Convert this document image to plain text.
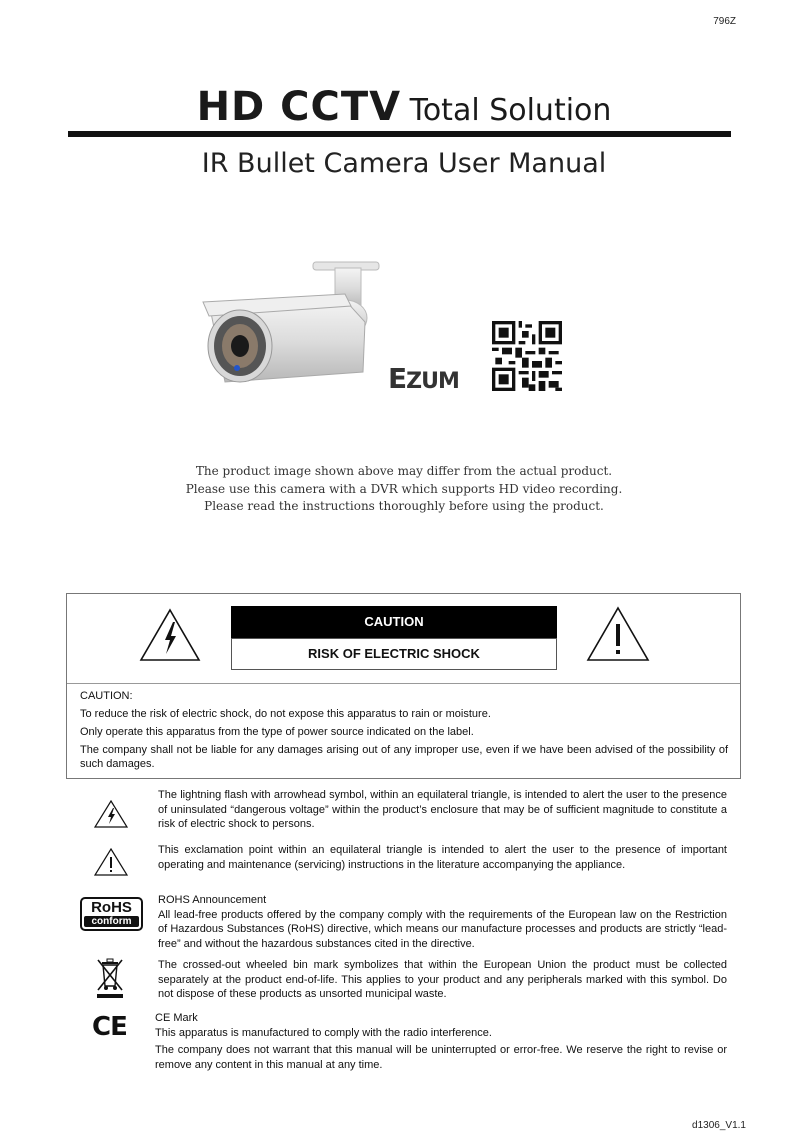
796Z
HD CCTV Total Solution
IR Bullet Camera User Manual
EZUM
The product image shown above may differ from the actual product.
Please use this camera with a DVR which supports HD video recording.
Please read the instructions thoroughly before using the product.
CAUTION
RISK OF ELECTRIC SHOCK

CAUTION:

To reduce the risk of electric shock, do not expose this apparatus to rain or moisture.

Only operate this apparatus from the type of power source indicated on the label.

The company shall not be liable for any damages arising out of any improper use, even if we have been advised of the possibility of such damages.

The lightning flash with arrowhead symbol, within an equilateral triangle, is intended to alert the user to the presence of uninsulated “dangerous voltage” within the product’s enclosure that may be of sufficient magnitude to constitute a risk of electric shock to persons.

This exclamation point within an equilateral triangle is intended to alert the user to the presence of important operating and maintenance (servicing) instructions in the literature accompanying the appliance.

RoHS
conform

ROHS Announcement

All lead-free products offered by the company comply with the requirements of the European law on the Restriction of Hazardous Substances (RoHS) directive, which means our manufacture processes and products are strictly “lead-free” and without the hazardous substances cited in the directive.

The crossed-out wheeled bin mark symbolizes that within the European Union the product must be collected separately at the product end-of-life. This applies to your product and any peripherals marked with this symbol. Do not dispose of these products as unsorted municipal waste.

CE	CE Mark

This apparatus is manufactured to comply with the radio interference.

The company does not warrant that this manual will be uninterrupted or error-free. We reserve the right to revise or remove any content in this manual at any time.

d1306_V1.1
